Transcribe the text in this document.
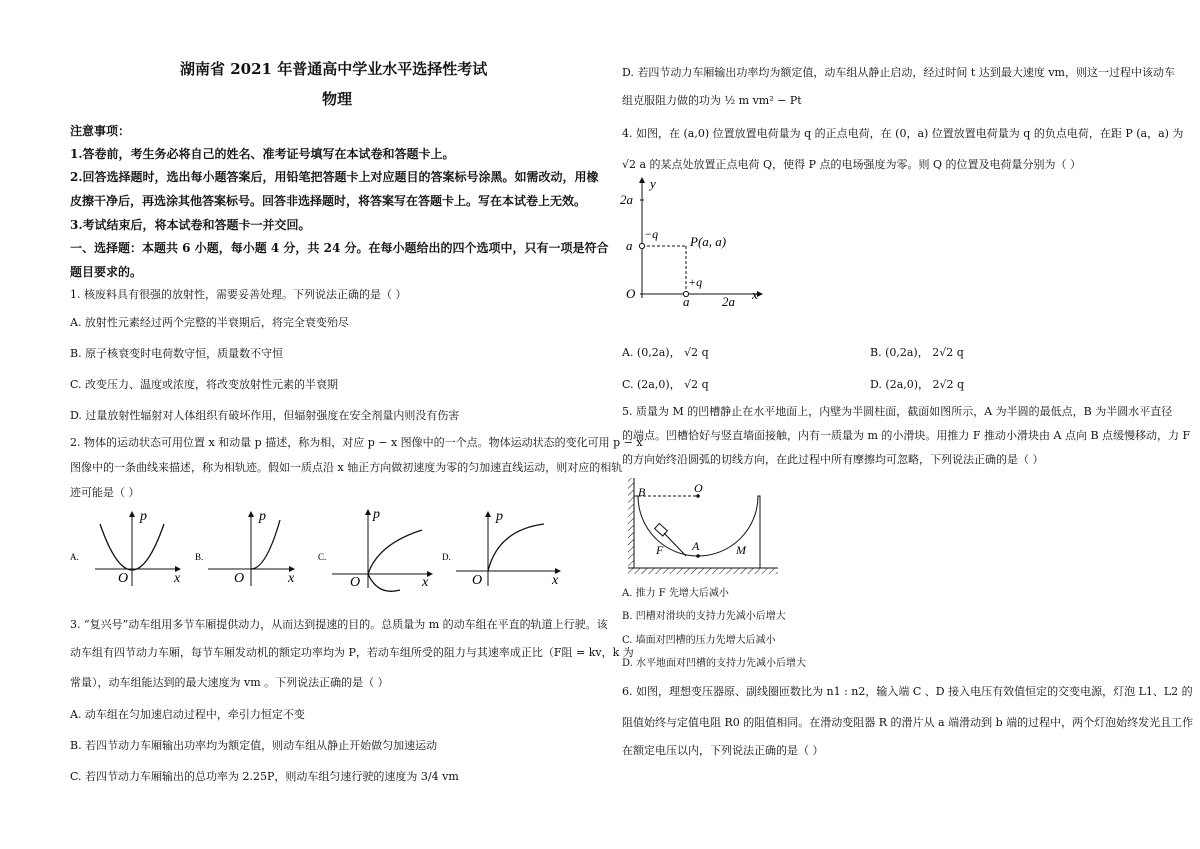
湖南省 2021 年普通高中学业水平选择性考试
物理
注意事项：
1.答卷前，考生务必将自己的姓名、准考证号填写在本试卷和答题卡上。
2.回答选择题时，选出每小题答案后，用铅笔把答题卡上对应题目的答案标号涂黑。如需改动，用橡
皮擦干净后，再选涂其他答案标号。回答非选择题时，将答案写在答题卡上。写在本试卷上无效。
3.考试结束后，将本试卷和答题卡一并交回。
一、选择题：本题共 6 小题，每小题 4 分，共 24 分。在每小题给出的四个选项中，只有一项是符合
题目要求的。
1. 核废料具有很强的放射性，需要妥善处理。下列说法正确的是（ ）
A. 放射性元素经过两个完整的半衰期后，将完全衰变殆尽
B. 原子核衰变时电荷数守恒，质量数不守恒
C. 改变压力、温度或浓度，将改变放射性元素的半衰期
D. 过量放射性辐射对人体组织有破坏作用，但辐射强度在安全剂量内则没有伤害
2. 物体的运动状态可用位置 x 和动量 p 描述，称为相，对应 p − x 图像中的一个点。物体运动状态的变化可用 p − x
图像中的一条曲线来描述，称为相轨迹。假如一质点沿 x 轴正方向做初速度为零的匀加速直线运动，则对应的相轨
迹可能是（ ）
A.
p
x
O
B.
p
x
O
C.
p
x
O
D.
p
x
O
3. “复兴号”动车组用多节车厢提供动力，从而达到提速的目的。总质量为 m 的动车组在平直的轨道上行驶。该
动车组有四节动力车厢，每节车厢发动机的额定功率均为 P，若动车组所受的阻力与其速率成正比（F阻 = kv，k 为
常量），动车组能达到的最大速度为 vm 。下列说法正确的是（ ）
A. 动车组在匀加速启动过程中，牵引力恒定不变
B. 若四节动力车厢输出功率均为额定值，则动车组从静止开始做匀加速运动
C. 若四节动力车厢输出的总功率为 2.25P，则动车组匀速行驶的速度为 3/4 vm
D. 若四节动力车厢输出功率均为额定值，动车组从静止启动，经过时间 t 达到最大速度 vm，则这一过程中该动车
组克服阻力做的功为 ½ m vm² − Pt
4. 如图，在 (a,0) 位置放置电荷量为 q 的正点电荷，在 (0，a) 位置放置电荷量为 q 的负点电荷，在距 P (a，a) 为
√2 a 的某点处放置正点电荷 Q，使得 P 点的电场强度为零。则 Q 的位置及电荷量分别为（ ）
y
2a
a
−q P(a, a)
+q
O
a	2a x
A. (0,2a)， √2 q	B. (0,2a)， 2√2 q
C. (2a,0)， √2 q	D. (2a,0)， 2√2 q
5. 质量为 M 的凹槽静止在水平地面上，内壁为半圆柱面，截面如图所示，A 为半圆的最低点，B 为半圆水平直径
的端点。凹槽恰好与竖直墙面接触，内有一质量为 m 的小滑块。用推力 F 推动小滑块由 A 点向 B 点缓慢移动，力 F
的方向始终沿圆弧的切线方向，在此过程中所有摩擦均可忽略，下列说法正确的是（ ）
B	O
A
F	M
A. 推力 F 先增大后减小
B. 凹槽对滑块的支持力先减小后增大
C. 墙面对凹槽的压力先增大后减小
D. 水平地面对凹槽的支持力先减小后增大
6. 如图，理想变压器原、副线圈匝数比为 n1 : n2，输入端 C 、D 接入电压有效值恒定的交变电源，灯泡 L1、L2 的
阻值始终与定值电阻 R0 的阻值相同。在滑动变阻器 R 的滑片从 a 端滑动到 b 端的过程中，两个灯泡始终发光且工作
在额定电压以内，下列说法正确的是（ ）
